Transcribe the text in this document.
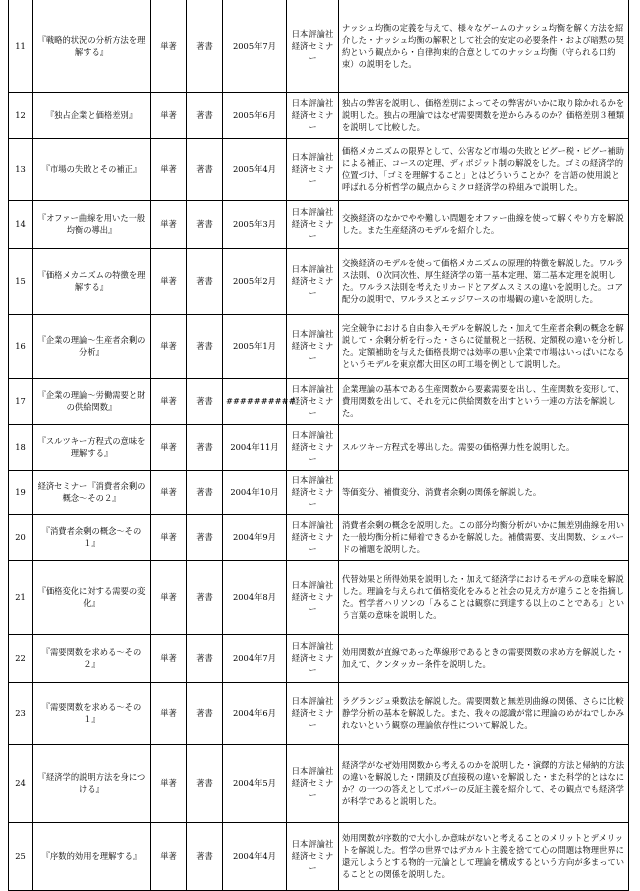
11	『戦略的状況の分析方法を理解する』	単著	著書	2005年7月	日本評論社経済セミナー	ナッシュ均衡の定義を与えて、様々なゲームのナッシュ均衡を解く方法を紹介した・ナッシュ均衡の解釈として社会的安定の必要条件・および暗黙の契約という観点から・自律拘束的合意としてのナッシュ均衡（守られる口約束）の説明をした。
12	『独占企業と価格差別』	単著	著書	2005年6月	日本評論社経済セミナー	独占の弊害を説明し、価格差別によってその弊害がいかに取り除かれるかを説明した。独占の理論ではなぜ需要関数を逆からみるのか？価格差別３種類を説明して比較した。
13	『市場の失敗とその補正』	単著	著書	2005年4月	日本評論社経済セミナー	価格メカニズムの限界として、公害など市場の失敗とピグー税・ピグー補助による補正、コースの定理、ディポジット制の解説をした。ゴミの経済学的位置づけ、「ゴミを理解すること」とはどういうことか？を言語の使用説と呼ばれる分析哲学の観点からミクロ経済学の枠組みで説明した。
14	『オファー曲線を用いた一般均衡の導出』	単著	著書	2005年3月	日本評論社経済セミナー	交換経済のなかでやや難しい問題をオファー曲線を使って解くやり方を解説した。また生産経済のモデルを紹介した。
15	『価格メカニズムの特徴を理解する』	単著	著書	2005年2月	日本評論社経済セミナー	交換経済のモデルを使って価格メカニズムの原理的特徴を解説した。ワルラス法則、０次同次性、厚生経済学の第一基本定理、第二基本定理を説明した。ワルラス法則を考えたリカードとアダムスミスの違いを説明した。コア配分の説明で、ワルラスとエッジワースの市場観の違いを説明した。
16	『企業の理論～生産者余剰の分析』	単著	著書	2005年1月	日本評論社経済セミナー	完全競争における自由参入モデルを解説した・加えて生産者余剰の概念を解説して・余剰分析を行った・さらに従量税と一括税、定額税の違いを分析した。定額補助を与えた価格長期では効率の悪い企業で市場はいっぱいになるというモデルを東京都大田区の町工場を例として説明した。
17	『企業の理論～労働需要と財の供給関数』	単著	著書	##########	日本評論社経済セミナー	企業理論の基本である生産関数から要素需要を出し、生産関数を変形して、費用関数を出して、それを元に供給関数を出すという一連の方法を解説した。
18	『スルツキー方程式の意味を理解する』	単著	著書	2004年11月	日本評論社経済セミナー	スルツキー方程式を導出した。需要の価格弾力性を説明した。
19	経済セミナー『消費者余剰の概念～その２』	単著	著書	2004年10月	日本評論社経済セミナー	等価変分、補償変分、消費者余剰の関係を解説した。
20	『消費者余剰の概念～その１』	単著	著書	2004年9月	日本評論社経済セミナー	消費者余剰の概念を説明した。この部分均衡分析がいかに無差別曲線を用いた一般均衡分析に帰着できるかを解説した。補償需要、支出関数、シェパードの補題を説明した。
21	『価格変化に対する需要の変化』	単著	著書	2004年8月	日本評論社経済セミナー	代替効果と所得効果を説明した・加えて経済学におけるモデルの意味を解説した。理論を与えられて価格変化をみると社会の見え方が違うことを指摘した。哲学者ハリソンの「みることは観察に到達する以上のことである」という言葉の意味を説明した。
22	『需要関数を求める～その２』	単著	著書	2004年7月	日本評論社経済セミナー	効用関数が直線であった準線形であるときの需要関数の求め方を解説した・加えて、クンタッカー条件を説明した。
23	『需要関数を求める～その１』	単著	著書	2004年6月	日本評論社経済セミナー	ラグランジュ乗数法を解説した。需要関数と無差別曲線の関係、さらに比較静学分析の基本を解説した。また、我々の認識が常に理論のめがねでしかみれないという観察の理論依存性について解説した。
24	『経済学的説明方法を身につける』	単著	著書	2004年5月	日本評論社経済セミナー	経済学がなぜ効用関数から考えるのかを説明した・演繹的方法と帰納的方法の違いを解説した・閉鎖及び直接税の違いを解説した・また科学的とはなにか？の一つの答えとしてポパーの反証主義を紹介して、その観点でも経済学が科学であると説明した。
25	『序数的効用を理解する』	単著	著書	2004年4月	日本評論社経済セミナー	効用関数が序数的で大小しか意味がないと考えることのメリットとデメリットを解説した。哲学の世界ではデカルト主義を捨てて心の問題は物理世界に還元しようとする物的一元論として理論を構成するという方向が多まっていることとの関係を説明した。
